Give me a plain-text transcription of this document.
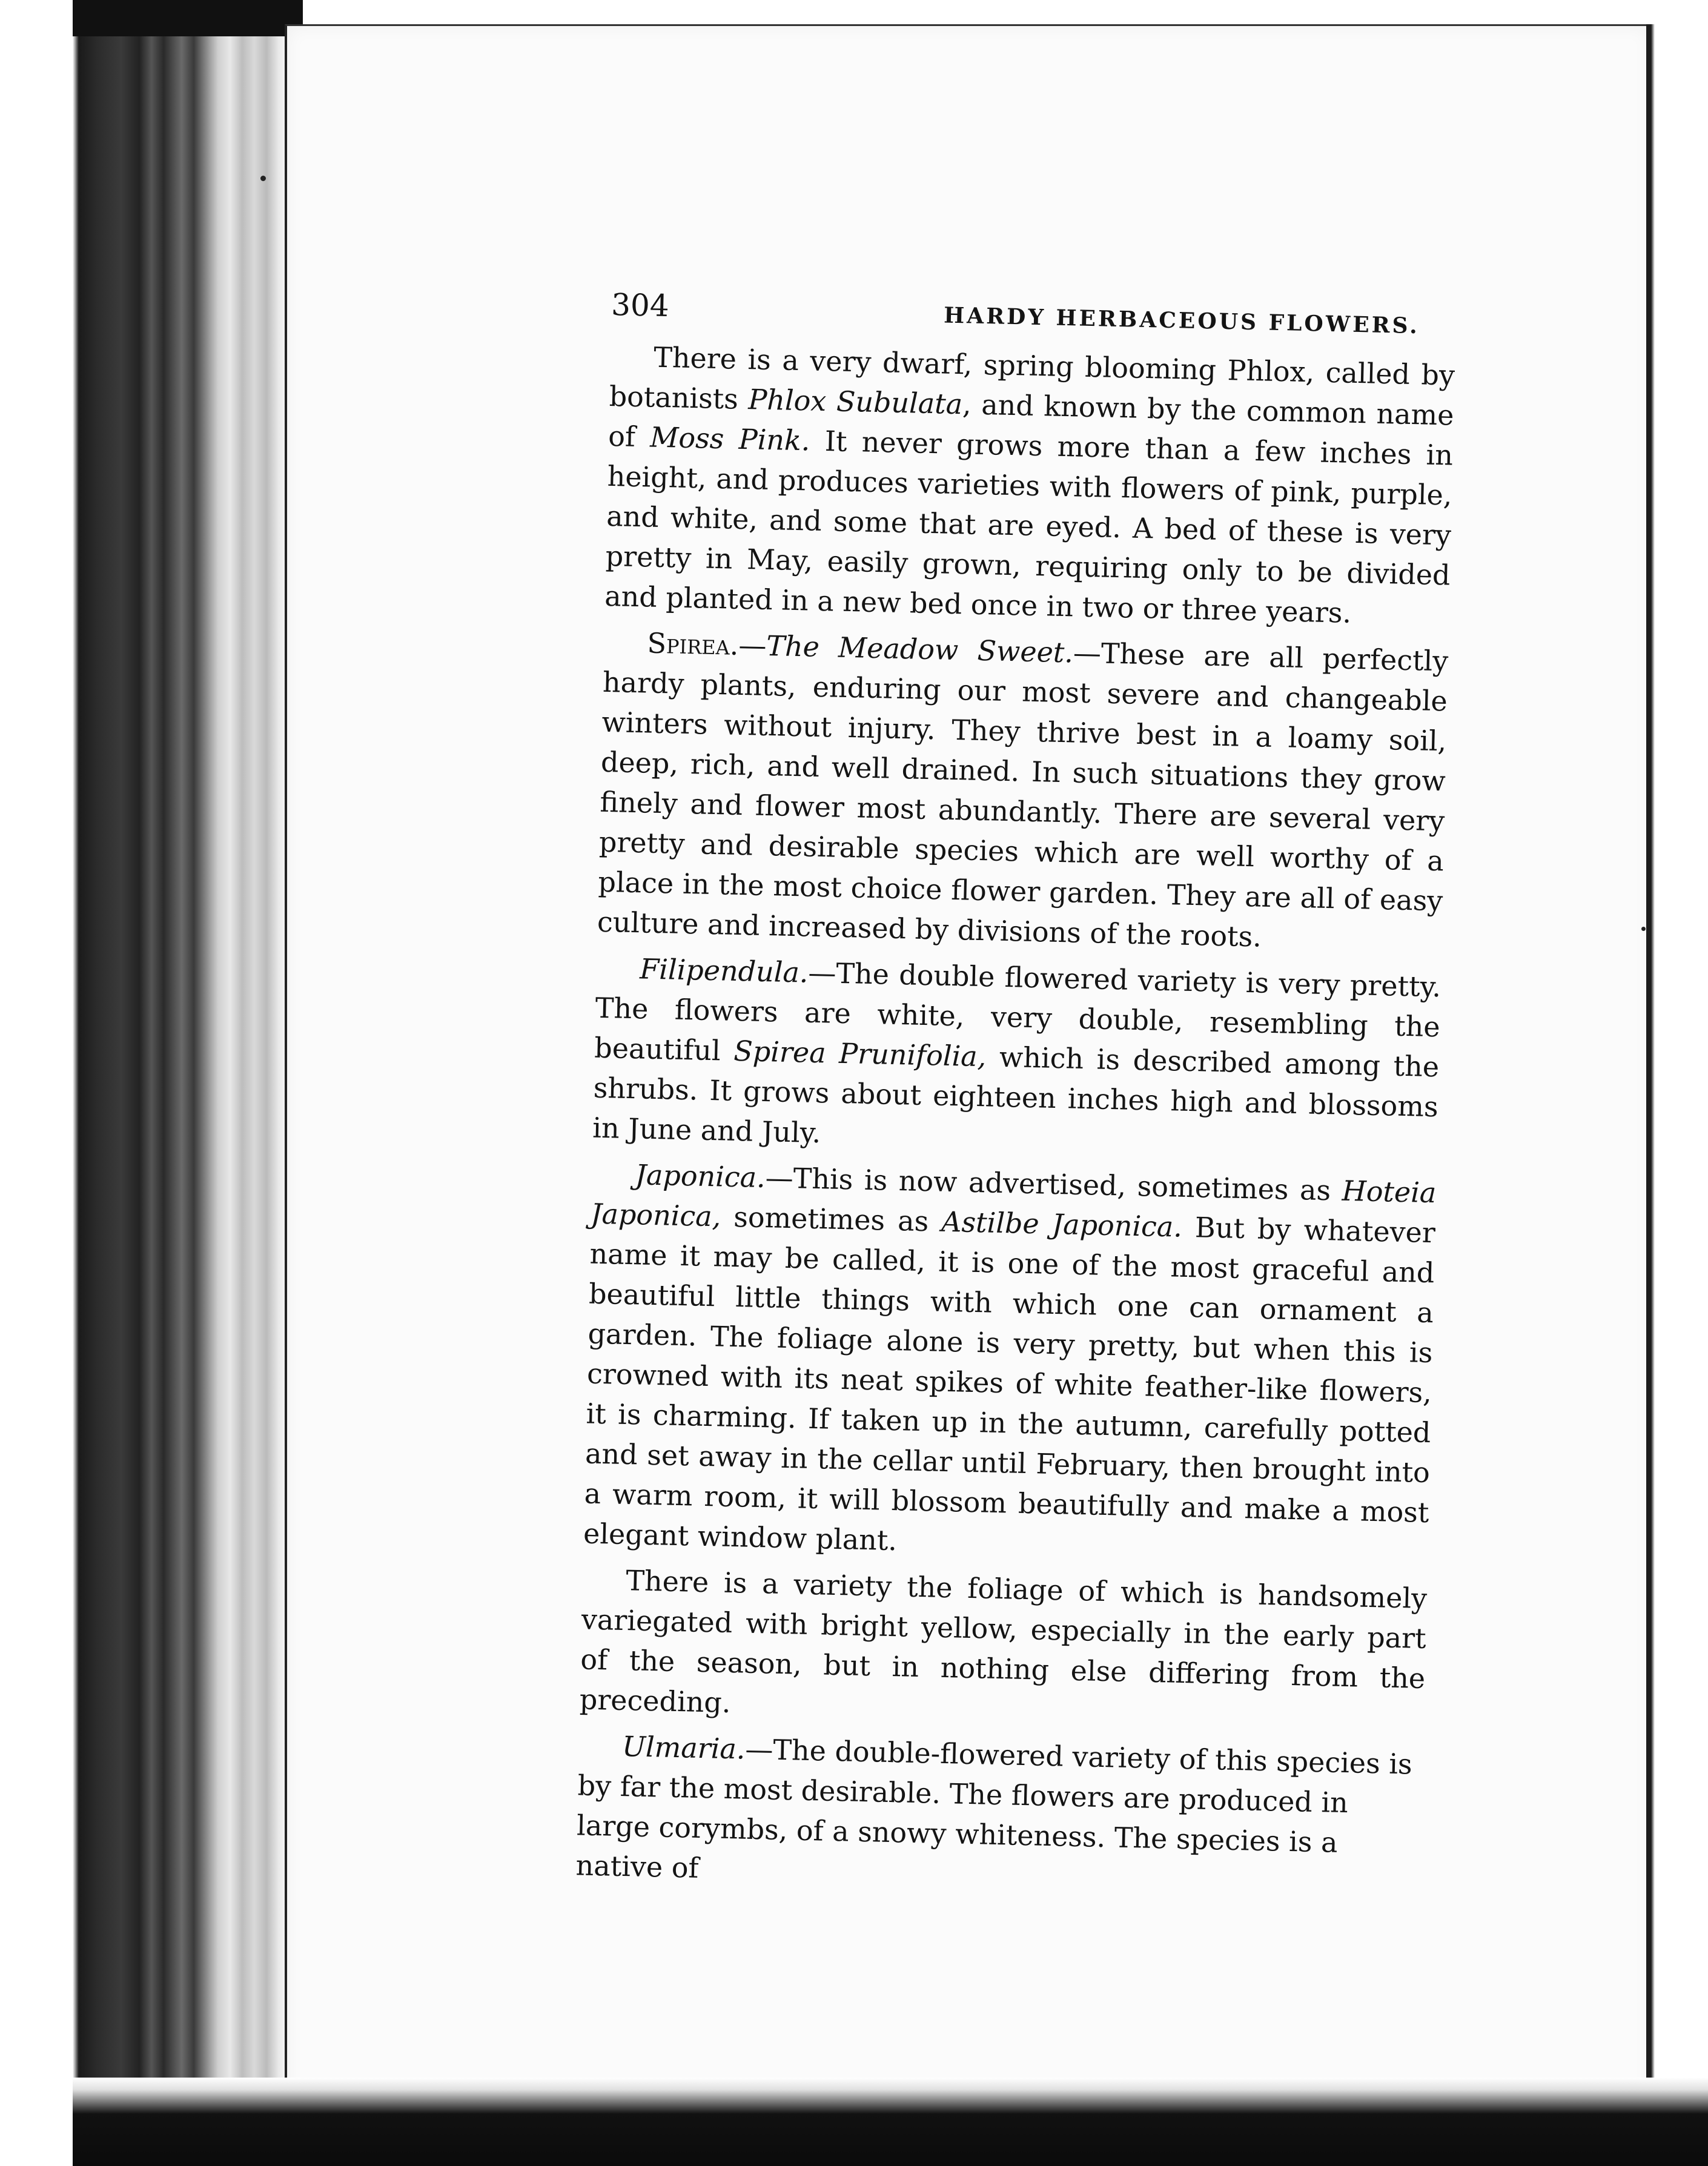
304	HARDY HERBACEOUS FLOWERS.

There is a very dwarf, spring blooming Phlox, called by botanists Phlox Subulata, and known by the common name of Moss Pink. It never grows more than a few inches in height, and produces varieties with flowers of pink, purple, and white, and some that are eyed. A bed of these is very pretty in May, easily grown, requiring only to be divided and planted in a new bed once in two or three years.

Spirea.—The Meadow Sweet.—These are all perfectly hardy plants, enduring our most severe and changeable winters without injury. They thrive best in a loamy soil, deep, rich, and well drained. In such situations they grow finely and flower most abundantly. There are several very pretty and desirable species which are well worthy of a place in the most choice flower garden. They are all of easy culture and increased by divisions of the roots.

Filipendula.—The double flowered variety is very pretty. The flowers are white, very double, resembling the beautiful Spirea Prunifolia, which is described among the shrubs. It grows about eighteen inches high and blossoms in June and July.

Japonica.—This is now advertised, sometimes as Hoteia Japonica, sometimes as Astilbe Japonica. But by whatever name it may be called, it is one of the most graceful and beautiful little things with which one can ornament a garden. The foliage alone is very pretty, but when this is crowned with its neat spikes of white feather-like flowers, it is charming. If taken up in the autumn, carefully potted and set away in the cellar until February, then brought into a warm room, it will blossom beautifully and make a most elegant window plant.

There is a variety the foliage of which is handsomely variegated with bright yellow, especially in the early part of the season, but in nothing else differing from the preceding.

Ulmaria.—The double-flowered variety of this species is by far the most desirable. The flowers are produced in large corymbs, of a snowy whiteness. The species is a native of
